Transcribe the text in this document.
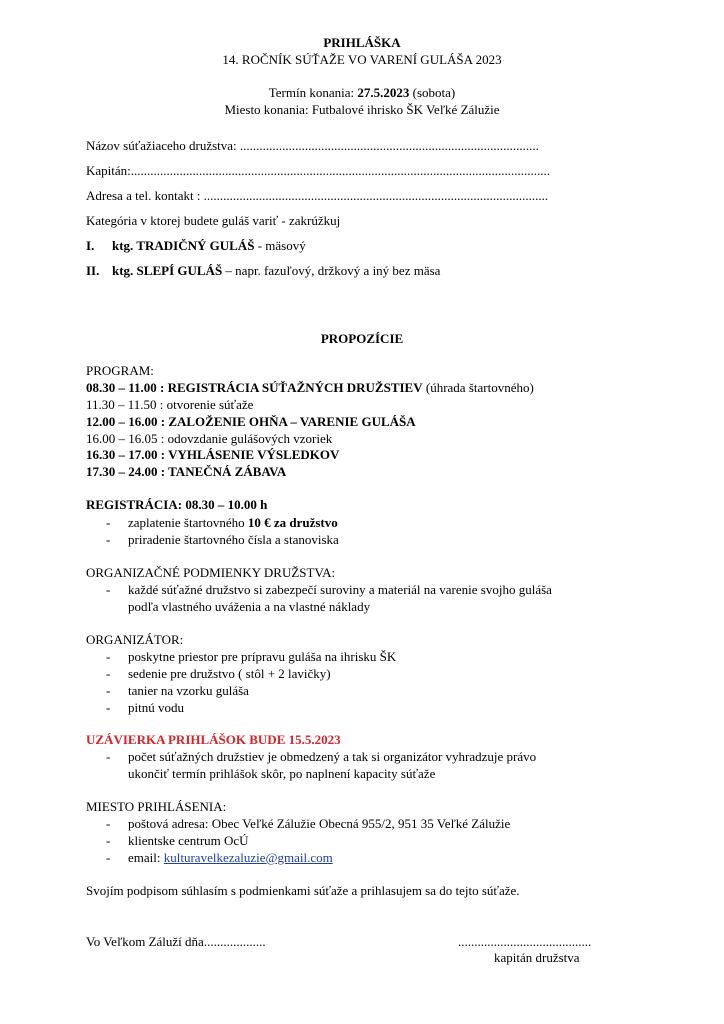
PRIHLÁŠKA
14. ROČNÍK SÚŤAŽE VO VARENÍ GULÁŠA 2023
Termín konania: 27.5.2023 (sobota)
Miesto konania: Futbalové ihrisko ŠK Veľké Zálužie
Názov súťažiaceho družstva: ............................................................................................
Kapitán:.................................................................................................................................
Adresa a tel. kontakt : ..........................................................................................................
Kategória v ktorej budete guláš variť - zakrúžkuj
I. ktg. TRADIČNÝ GULÁŠ - mäsový
II. ktg. SLEPÍ GULÁŠ – napr. fazuľový, držkový a iný bez mäsa
PROPOZÍCIE
PROGRAM:
08.30 – 11.00 : REGISTRÁCIA SÚŤAŽNÝCH DRUŽSTIEV (úhrada štartovného)
11.30 – 11.50 : otvorenie súťaže
12.00 – 16.00 : ZALOŽENIE OHŇA – VARENIE GULÁŠA
16.00 – 16.05 : odovzdanie gulášových vzoriek
16.30 – 17.00 : VYHLÁSENIE VÝSLEDKOV
17.30 – 24.00 : TANEČNÁ ZÁBAVA
REGISTRÁCIA: 08.30 – 10.00 h
- zaplatenie štartovného 10 € za družstvo
- priradenie štartovného čísla a stanoviska
ORGANIZAČNÉ PODMIENKY DRUŽSTVA:
- každé súťažné družstvo si zabezpečí suroviny a materiál na varenie svojho guláša
podľa vlastného uváženia a na vlastné náklady
ORGANIZÁTOR:
- poskytne priestor pre prípravu guláša na ihrisku ŠK
- sedenie pre družstvo ( stôl + 2 lavičky)
- tanier na vzorku guláša
- pitnú vodu
UZÁVIERKA PRIHLÁŠOK BUDE 15.5.2023
- počet súťažných družstiev je obmedzený a tak si organizátor vyhradzuje právo
ukončiť termín prihlášok skôr, po naplnení kapacity súťaže
MIESTO PRIHLÁSENIA:
- poštová adresa: Obec Veľké Zálužie Obecná 955/2, 951 35 Veľké Zálužie
- klientske centrum OcÚ
- email: kulturavelkezaluzie@gmail.com
Svojím podpisom súhlasím s podmienkami súťaže a prihlasujem sa do tejto súťaže.
Vo Veľkom Záluží dňa...................	.........................................
kapitán družstva
